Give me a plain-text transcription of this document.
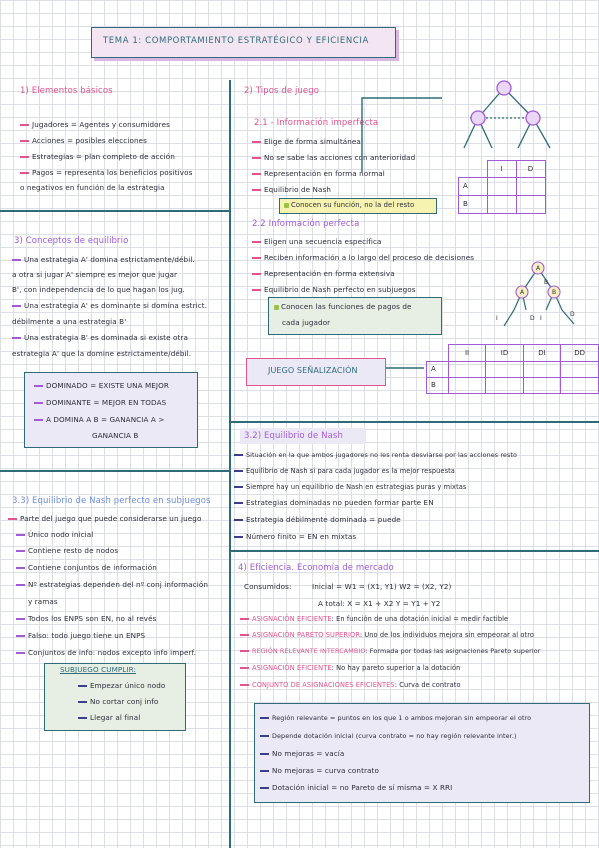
TEMA 1: COMPORTAMIENTO ESTRATÉGICO Y EFICIENCIA
1) Elementos básicos
Jugadores = Agentes y consumidores
Acciones = posibles elecciones
Estrategias = plan completo de acción
Pagos = representa los beneficios positivos
o negativos en función de la estrategia
3) Conceptos de equilibrio
Una estrategia A' domina estrictamente/débil.
a otra si jugar A' siempre es mejor que jugar
B', con independencia de lo que hagan los jug.
Una estrategia A' es dominante si domina estrict.
débilmente a una estrategia B'
Una estrategia B' es dominada si existe otra
estrategia A' que la domine estrictamente/débil.
DOMINADO = EXISTE UNA MEJOR
DOMINANTE = MEJOR EN TODAS
A DOMINA A B = GANANCIA A >
GANANCIA B
3.3) Equilibrio de Nash perfecto en subjuegos
Parte del juego que puede considerarse un juego
Único nodo inicial
Contiene resto de nodos
Contiene conjuntos de información
Nº estrategias dependen del nº conj información
y ramas
Todos los ENPS son EN, no al revés
Falso: todo juego tiene un ENPS
Conjuntos de info: nodos excepto info imperf.
SUBJUEGO CUMPLIR:
Empezar único nodo
No cortar conj info
Llegar al final
2) Tipos de juego
2.1 - Información imperfecta
Elige de forma simultánea
No se sabe las acciones con anterioridad
Representación en forma normal
Equilibrio de Nash
Conocen su función, no la del resto
2.2 Información perfecta
Eligen una secuencia específica
Reciben información a lo largo del proceso de decisiones
Representación en forma extensiva
Equilibrio de Nash perfecto en subjuegos
Conocen las funciones de pagos de
cada jugador
	I	D
A		
B		
A
B
A	B
I	D I
D
JUEGO SEÑALIZACIÓN
	II	ID	DI	DD
A				
B				
3.2) Equilibrio de Nash
Situación en la que ambos jugadores no les renta desviarse por las acciones resto
Equilibrio de Nash si para cada jugador es la mejor respuesta
Siempre hay un equilibrio de Nash en estrategias puras y mixtas
Estrategias dominadas no pueden formar parte EN
Estrategia débilmente dominada = puede
Número finito = EN en mixtas
4) Eficiencia. Economía de mercado
Consumidos:	Inicial = W1 = (X1, Y1) W2 = (X2, Y2)
A total: X = X1 + X2 Y = Y1 + Y2
ASIGNACIÓN EFICIENTE: En función de una dotación inicial = medir factible
ASIGNACIÓN PARETO SUPERIOR: Uno de los individuos mejora sin empeorar al otro
REGIÓN RELEVANTE INTERCAMBIO: Formada por todas las asignaciones Pareto superior
ASIGNACIÓN EFICIENTE: No hay pareto superior a la dotación
CONJUNTO DE ASIGNACIONES EFICIENTES: Curva de contrato
Región relevante = puntos en los que 1 o ambos mejoran sin empeorar el otro
Depende dotación inicial (curva contrato = no hay región relevante inter.)
No mejoras = vacía
No mejoras = curva contrato
Dotación inicial = no Pareto de sí misma = X RRI
